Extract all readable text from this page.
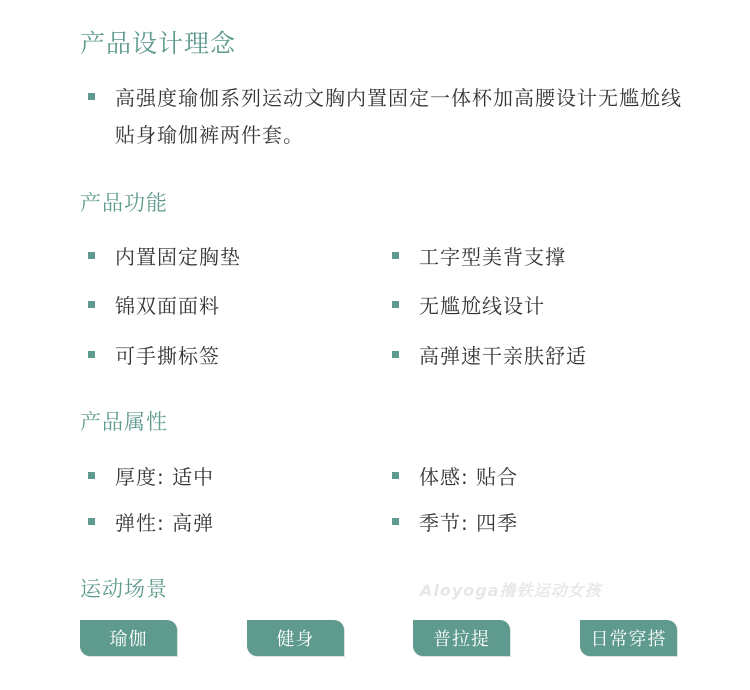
产品设计理念
高强度瑜伽系列运动文胸内置固定一体杯加高腰设计无尴尬线贴身瑜伽裤两件套。
产品功能
内置固定胸垫	工字型美背支撑
锦双面面料	无尴尬线设计
可手撕标签	高弹速干亲肤舒适
产品属性
厚度: 适中	体感: 贴合
弹性: 高弹	季节: 四季
运动场景	Aloyoga撸铁运动女孩
瑜伽	健身	普拉提	日常穿搭
